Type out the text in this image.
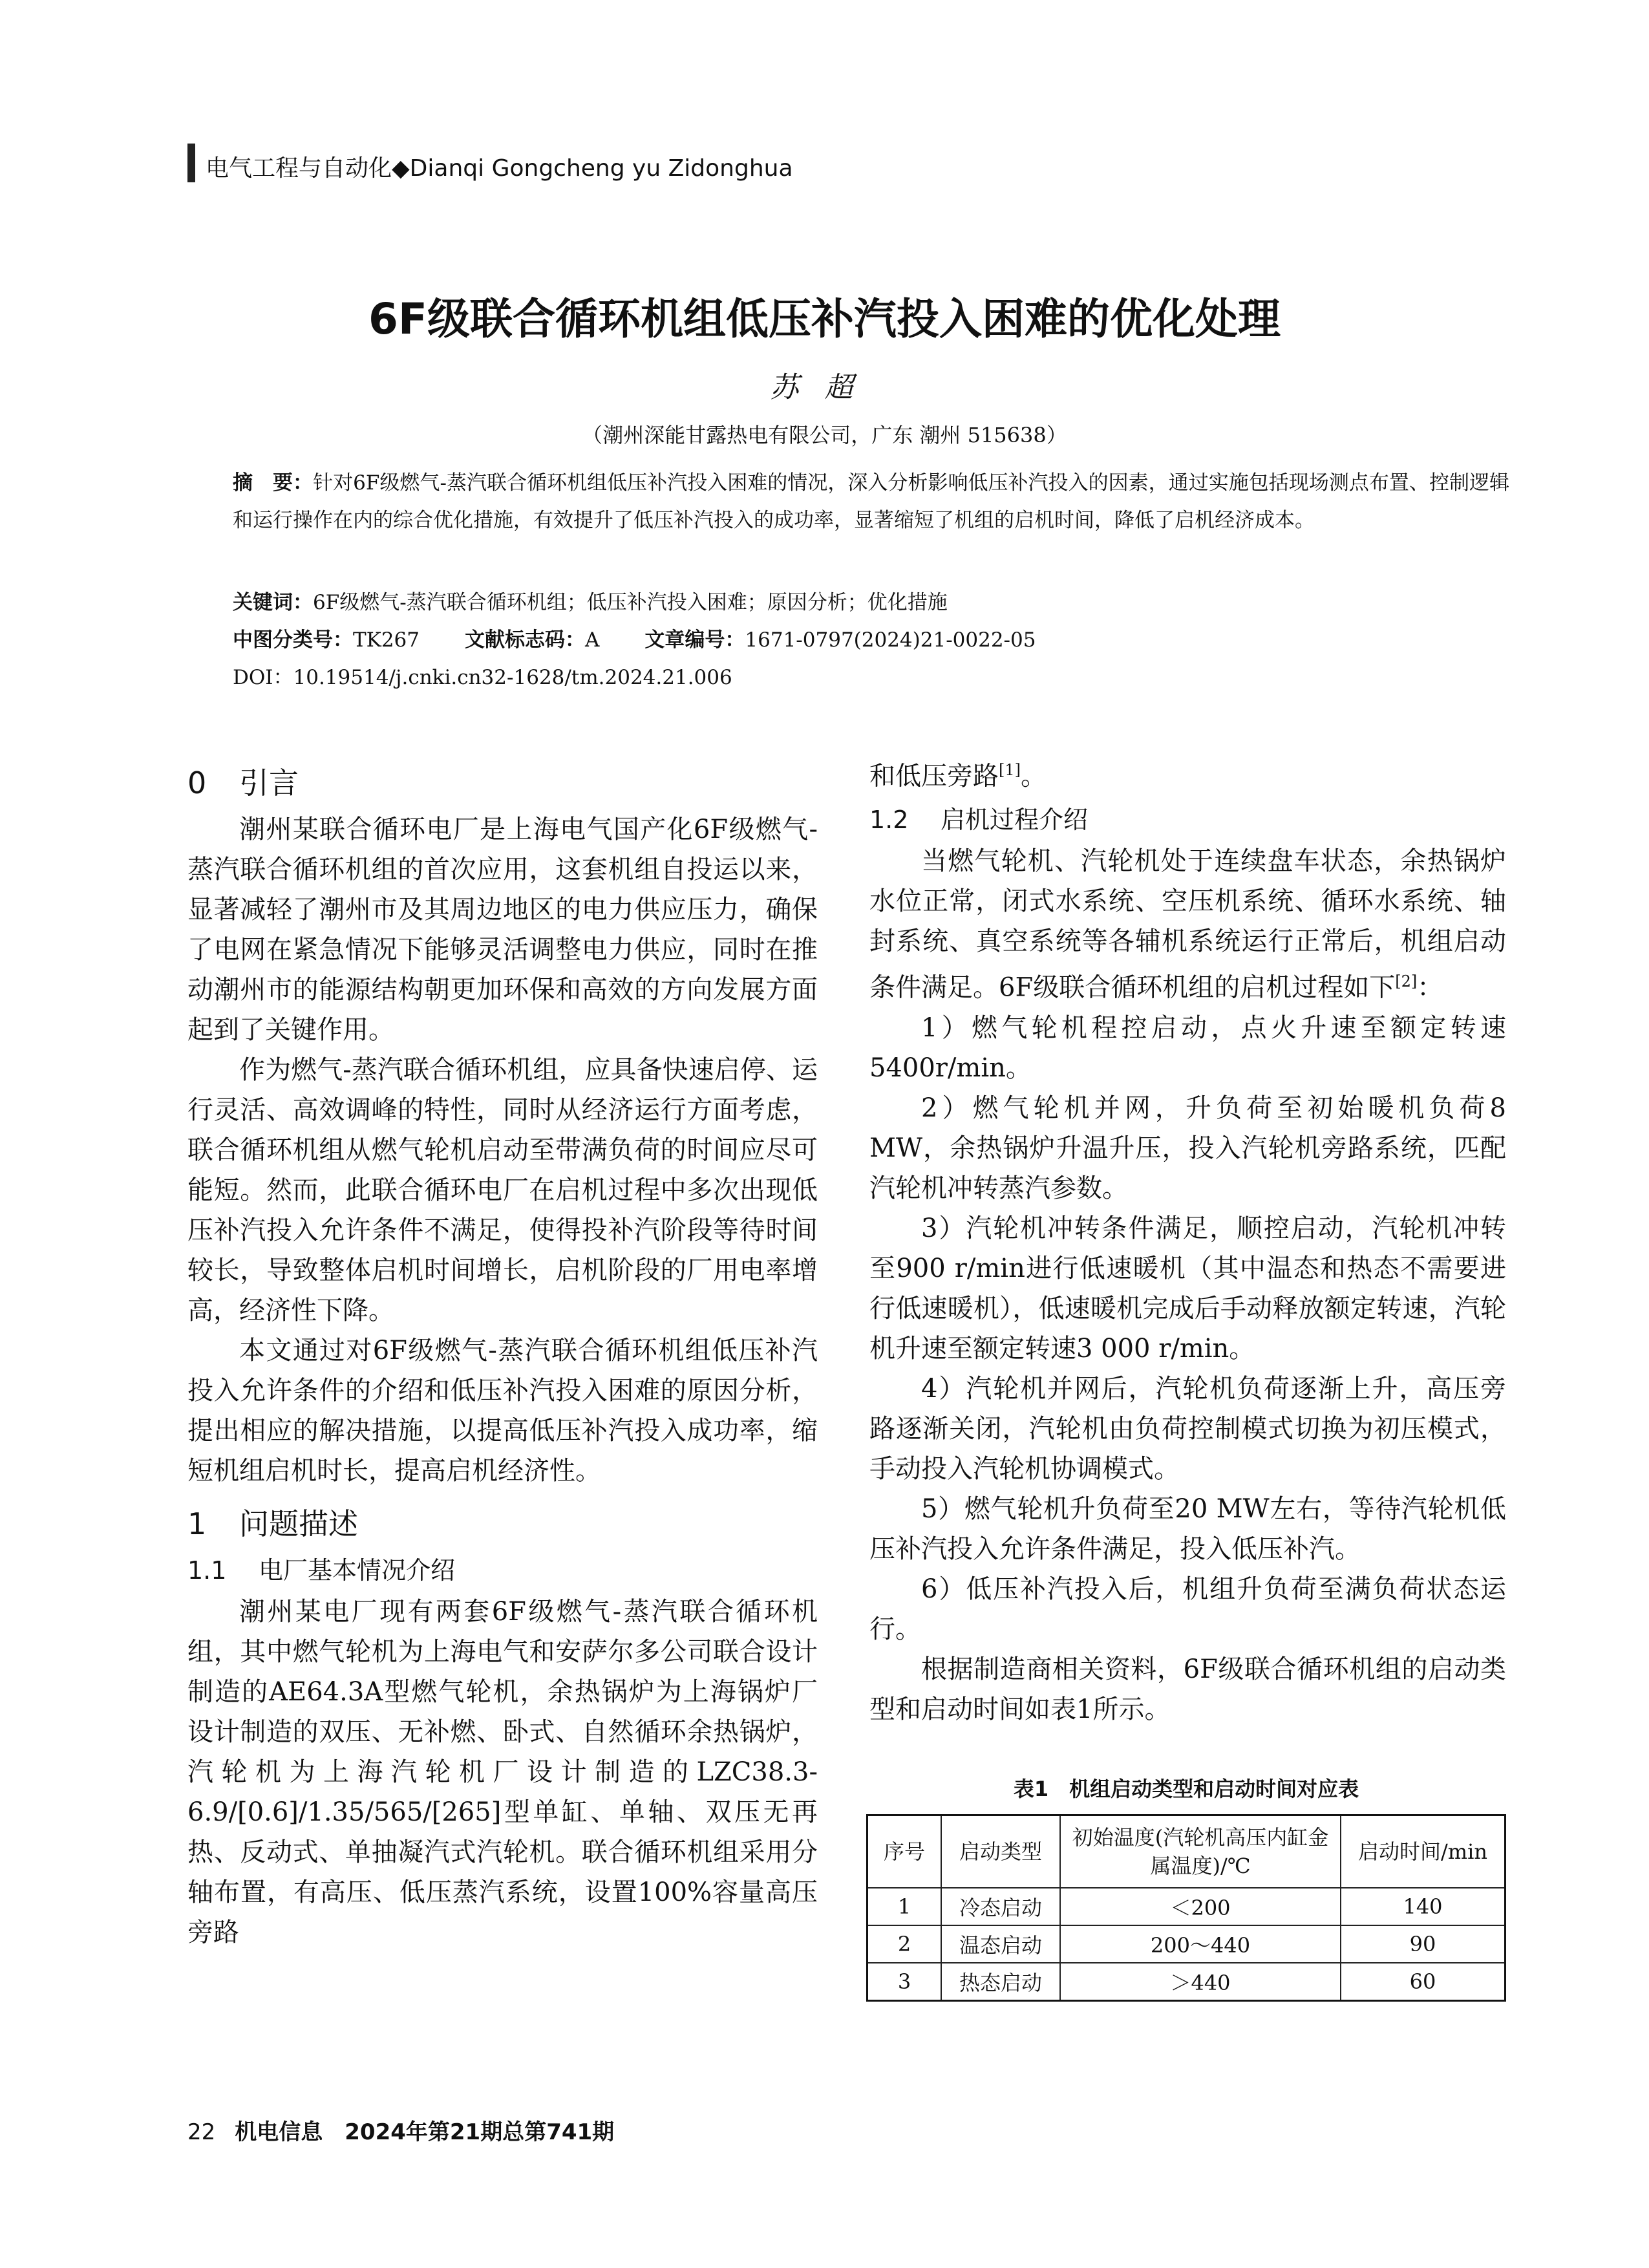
电气工程与自动化◆Dianqi Gongcheng yu Zidonghua
6F级联合循环机组低压补汽投入困难的优化处理
苏超
（潮州深能甘露热电有限公司，广东 潮州 515638）
摘　要：针对6F级燃气-蒸汽联合循环机组低压补汽投入困难的情况，深入分析影响低压补汽投入的因素，通过实施包括现场测点布置、控制逻辑和运行操作在内的综合优化措施，有效提升了低压补汽投入的成功率，显著缩短了机组的启机时间，降低了启机经济成本。
关键词：6F级燃气-蒸汽联合循环机组；低压补汽投入困难；原因分析；优化措施
中图分类号：TK267 文献标志码：A 文章编号：1671-0797(2024)21-0022-05
DOI：10.19514/j.cnki.cn32-1628/tm.2024.21.006
0 引言

潮州某联合循环电厂是上海电气国产化6F级燃气-蒸汽联合循环机组的首次应用，这套机组自投运以来，显著减轻了潮州市及其周边地区的电力供应压力，确保了电网在紧急情况下能够灵活调整电力供应，同时在推动潮州市的能源结构朝更加环保和高效的方向发展方面起到了关键作用。

作为燃气-蒸汽联合循环机组，应具备快速启停、运行灵活、高效调峰的特性，同时从经济运行方面考虑，联合循环机组从燃气轮机启动至带满负荷的时间应尽可能短。然而，此联合循环电厂在启机过程中多次出现低压补汽投入允许条件不满足，使得投补汽阶段等待时间较长，导致整体启机时间增长，启机阶段的厂用电率增高，经济性下降。

本文通过对6F级燃气-蒸汽联合循环机组低压补汽投入允许条件的介绍和低压补汽投入困难的原因分析，提出相应的解决措施，以提高低压补汽投入成功率，缩短机组启机时长，提高启机经济性。

1 问题描述
1.1 电厂基本情况介绍

潮州某电厂现有两套6F级燃气-蒸汽联合循环机组，其中燃气轮机为上海电气和安萨尔多公司联合设计制造的AE64.3A型燃气轮机，余热锅炉为上海锅炉厂设计制造的双压、无补燃、卧式、自然循环余热锅炉，汽轮机为上海汽轮机厂设计制造的LZC38.3-6.9/[0.6]/1.35/565/[265]型单缸、单轴、双压无再热、反动式、单抽凝汽式汽轮机。联合循环机组采用分轴布置，有高压、低压蒸汽系统，设置100%容量高压旁路

和低压旁路[1]。

1.2 启机过程介绍

当燃气轮机、汽轮机处于连续盘车状态，余热锅炉水位正常，闭式水系统、空压机系统、循环水系统、轴封系统、真空系统等各辅机系统运行正常后，机组启动条件满足。6F级联合循环机组的启机过程如下[2]：

1）燃气轮机程控启动，点火升速至额定转速5400r/min。

2）燃气轮机并网，升负荷至初始暖机负荷8 MW，余热锅炉升温升压，投入汽轮机旁路系统，匹配汽轮机冲转蒸汽参数。

3）汽轮机冲转条件满足，顺控启动，汽轮机冲转至900 r/min进行低速暖机（其中温态和热态不需要进行低速暖机），低速暖机完成后手动释放额定转速，汽轮机升速至额定转速3 000 r/min。

4）汽轮机并网后，汽轮机负荷逐渐上升，高压旁路逐渐关闭，汽轮机由负荷控制模式切换为初压模式，手动投入汽轮机协调模式。

5）燃气轮机升负荷至20 MW左右，等待汽轮机低压补汽投入允许条件满足，投入低压补汽。

6）低压补汽投入后，机组升负荷至满负荷状态运行。

根据制造商相关资料，6F级联合循环机组的启动类型和启动时间如表1所示。

表1　机组启动类型和启动时间对应表
序号	启动类型	初始温度(汽轮机高压内缸金属温度)/℃	启动时间/min
1	冷态启动	＜200	140
2	温态启动	200～440	90
3	热态启动	＞440	60
22 机电信息　2024年第21期总第741期
